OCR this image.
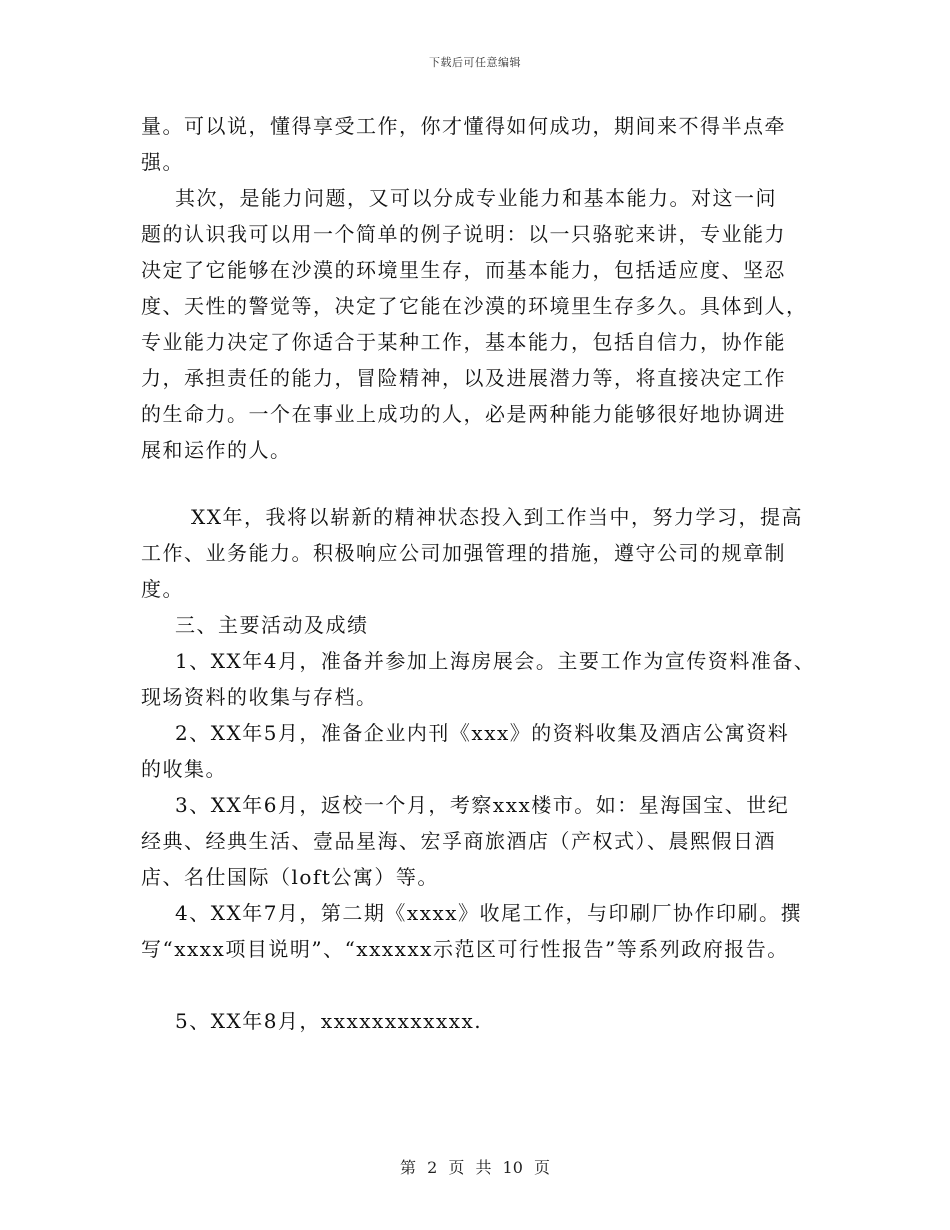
下载后可任意编辑
量。可以说，懂得享受工作，你才懂得如何成功，期间来不得半点牵
强。
其次，是能力问题，又可以分成专业能力和基本能力。对这一问
题的认识我可以用一个简单的例子说明：以一只骆驼来讲，专业能力
决定了它能够在沙漠的环境里生存，而基本能力，包括适应度、坚忍
度、天性的警觉等，决定了它能在沙漠的环境里生存多久。具体到人，
专业能力决定了你适合于某种工作，基本能力，包括自信力，协作能
力，承担责任的能力，冒险精神，以及进展潜力等，将直接决定工作
的生命力。一个在事业上成功的人，必是两种能力能够很好地协调进
展和运作的人。
XX年，我将以崭新的精神状态投入到工作当中，努力学习，提高
工作、业务能力。积极响应公司加强管理的措施，遵守公司的规章制
度。
三、主要活动及成绩
1、XX年4月，准备并参加上海房展会。主要工作为宣传资料准备、
现场资料的收集与存档。
2、XX年5月，准备企业内刊《xxx》的资料收集及酒店公寓资料
的收集。
3、XX年6月，返校一个月，考察xxx楼市。如：星海国宝、世纪
经典、经典生活、壹品星海、宏孚商旅酒店（产权式）、晨熙假日酒
店、名仕国际（loft公寓）等。
4、XX年7月，第二期《xxxx》收尾工作，与印刷厂协作印刷。撰
写“xxxx项目说明”、“xxxxxx示范区可行性报告”等系列政府报告。
5、XX年8月，xxxxxxxxxxxx.
第 2 页 共 10 页
